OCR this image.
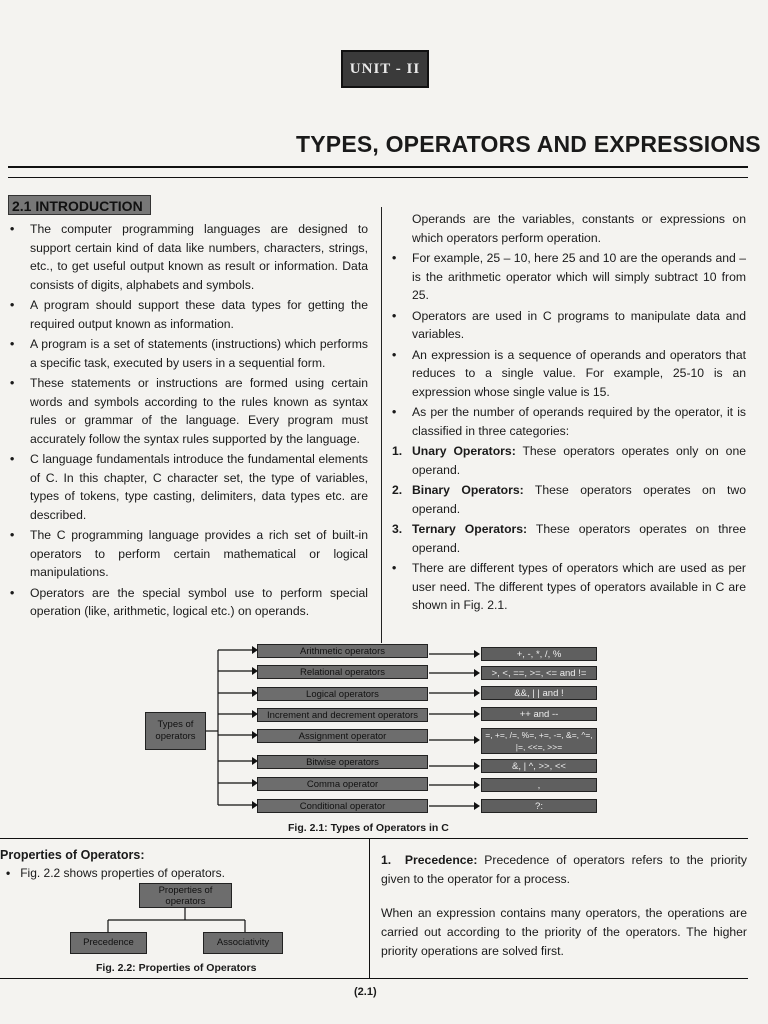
UNIT - II
TYPES, OPERATORS AND EXPRESSIONS
2.1 INTRODUCTION
• The computer programming languages are designed to support certain kind of data like numbers, characters, strings, etc., to get useful output known as result or information. Data consists of digits, alphabets and symbols.
• A program should support these data types for getting the required output known as information.
• A program is a set of statements (instructions) which performs a specific task, executed by users in a sequential form.
• These statements or instructions are formed using certain words and symbols according to the rules known as syntax rules or grammar of the language. Every program must accurately follow the syntax rules supported by the language.
• C language fundamentals introduce the fundamental elements of C. In this chapter, C character set, the type of variables, types of tokens, type casting, delimiters, data types etc. are described.
• The C programming language provides a rich set of built-in operators to perform certain mathematical or logical manipulations.
• Operators are the special symbol use to perform special operation (like, arithmetic, logical etc.) on operands.
Operands are the variables, constants or expressions on which operators perform operation.
• For example, 25 – 10, here 25 and 10 are the operands and – is the arithmetic operator which will simply subtract 10 from 25.
• Operators are used in C programs to manipulate data and variables.
• An expression is a sequence of operands and operators that reduces to a single value. For example, 25-10 is an expression whose single value is 15.
• As per the number of operands required by the operator, it is classified in three categories:
1. Unary Operators: These operators operates only on one operand.
2. Binary Operators: These operators operates on two operand.
3. Ternary Operators: These operators operates on three operand.
• There are different types of operators which are used as per user need. The different types of operators available in C are shown in Fig. 2.1.
Types of operators
Arithmetic operators
Relational operators
Logical operators
Increment and decrement operators
Assignment operator
Bitwise operators
Comma operator
Conditional operator
+, -, *, /, %
>, <, ==, >=, <= and !=
&&, | | and !
++ and --
=, +=, /=, %=, +=, -=, &=, ^=, |=, <<=, >>=
&, | ^, >>, <<
,
?:
Fig. 2.1: Types of Operators in C
Properties of Operators:
• Fig. 2.2 shows properties of operators.
Properties of operators
Precedence	Associativity
Fig. 2.2: Properties of Operators
1. Precedence: Precedence of operators refers to the priority given to the operator for a process.
When an expression contains many operators, the operations are carried out according to the priority of the operators. The higher priority operations are solved first.
(2.1)
